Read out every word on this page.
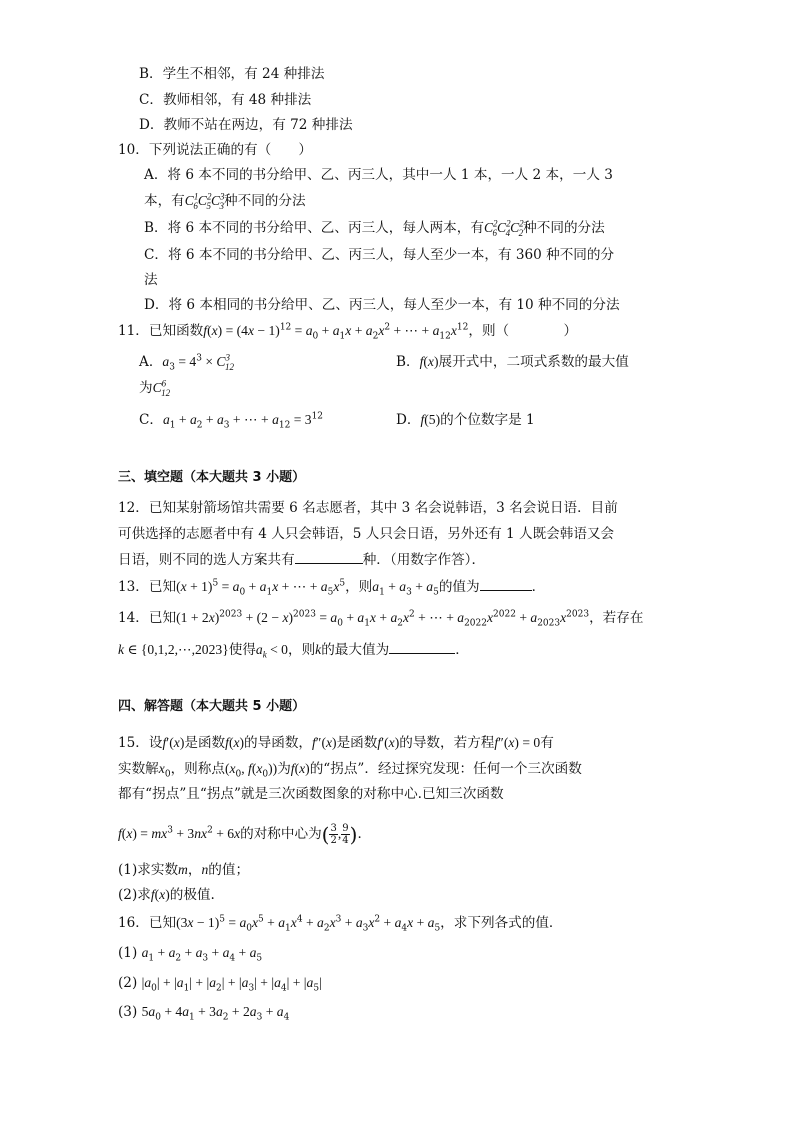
B．学生不相邻，有 24 种排法
C．教师相邻，有 48 种排法
D．教师不站在两边，有 72 种排法
10．下列说法正确的有（　　）
A．将 6 本不同的书分给甲、乙、丙三人，其中一人 1 本，一人 2 本，一人 3
本，有$C^1_6C^2_5C^3_3$种不同的分法
B．将 6 本不同的书分给甲、乙、丙三人，每人两本，有$C^2_6C^2_4C^2_2$种不同的分法
C．将 6 本不同的书分给甲、乙、丙三人，每人至少一本，有 360 种不同的分
法
D．将 6 本相同的书分给甲、乙、丙三人，每人至少一本，有 10 种不同的分法
11．已知函数$f(x) = (4x - 1)^{12} = a_0 + a_1x + a_2x^2$ + ⋯ + $a_{12}x^{12}$，则（　　　　）
A．$a_3 = 4^3 \times C^3_{12}$	B．f(x)展开式中，二项式系数的最大值
为$C^6_{12}$
C．$a_1 + a_2 + a_3$ + ⋯ + $a_{12} = 3^{12}$	D．f(5)的个位数字是 1
三、填空题（本大题共 3 小题）
12．已知某射箭场馆共需要 6 名志愿者，其中 3 名会说韩语，3 名会说日语．目前
可供选择的志愿者中有 4 人只会韩语，5 人只会日语，另外还有 1 人既会韩语又会
日语，则不同的选人方案共有	种．（用数字作答）．
13．已知$(x + 1)^5 = a_0 + a_1x$ + ⋯ + $a_5x^5$，则$a_1 + a_3 + a_5$的值为	．
14．已知$(1 + 2x)^{2023} + (2 - x)^{2023} = a_0 + a_1x + a_2x^2$ + ⋯ + $a_{2022}x^{2022} + a_{2023}x^{2023}$，若存在
k ∈ {0,1,2,⋯,2023}使得$a_k < 0$，则k的最大值为	．
四、解答题（本大题共 5 小题）
15．设f′(x)是函数f(x)的导函数，f″(x)是函数f′(x)的导数，若方程f″(x) = 0有
实数解$x_0$，则称点($x_0$, $f(x_0)$)为f(x)的“拐点”．经过探究发现：任何一个三次函数
都有“拐点”且“拐点”就是三次函数图象的对称中心.已知三次函数
$f(x) = mx^3 + 3nx^2 + 6x$的对称中心为( $\frac{3}{2}$ , $\frac{9}{4}$ )．
(1)求实数m，n的值；
(2)求f(x)的极值.
16．已知$(3x - 1)^5 = a_0x^5 + a_1x^4 + a_2x^3 + a_3x^2 + a_4x + a_5$，求下列各式的值．
(1) $a_1 + a_2 + a_3 + a_4 + a_5$
(2) $|a_0| + |a_1| + |a_2| + |a_3| + |a_4| + |a_5|$
(3) $5a_0 + 4a_1 + 3a_2 + 2a_3 + a_4$
